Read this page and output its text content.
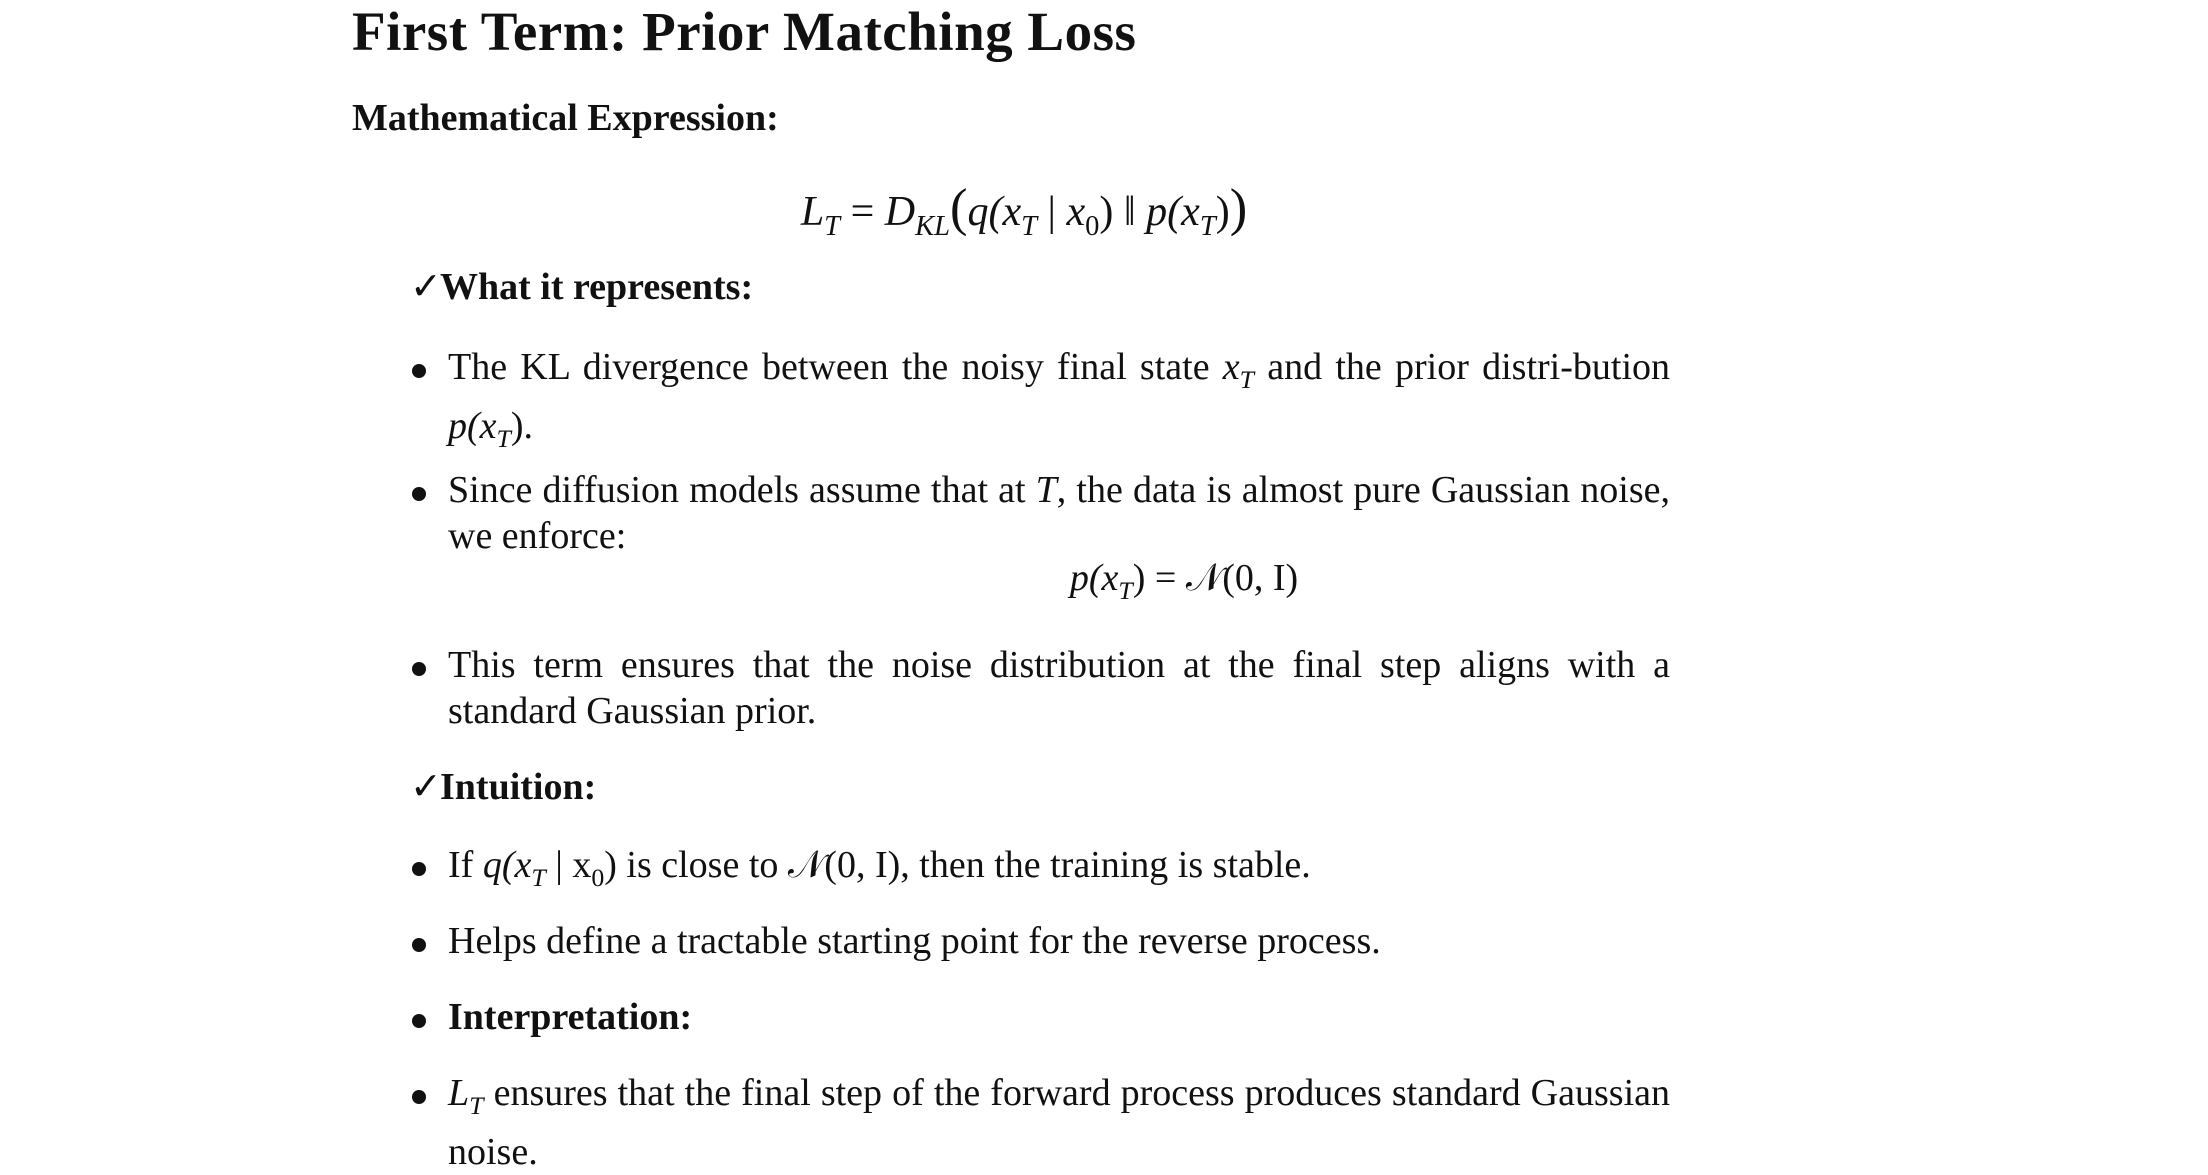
First Term: Prior Matching Loss
Mathematical Expression:
$L_T = D_{KL}(q(x_T$ | $x_0$) ‖ $p(x_T)$)
✓What it represents:
The KL divergence between the noisy final state $x_T$ and the prior distri-bution $p(x_T)$.
Since diffusion models assume that at T, the data is almost pure Gaussian noise, we enforce:
$p(x_T)$ = 𝒩(0, I)
This term ensures that the noise distribution at the final step aligns with a standard Gaussian prior.
✓Intuition:
If $q(x_T$ | $x_0$) is close to 𝒩(0, I), then the training is stable.
Helps define a tractable starting point for the reverse process.
Interpretation:
$L_T$ ensures that the final step of the forward process produces standard Gaussian noise.
